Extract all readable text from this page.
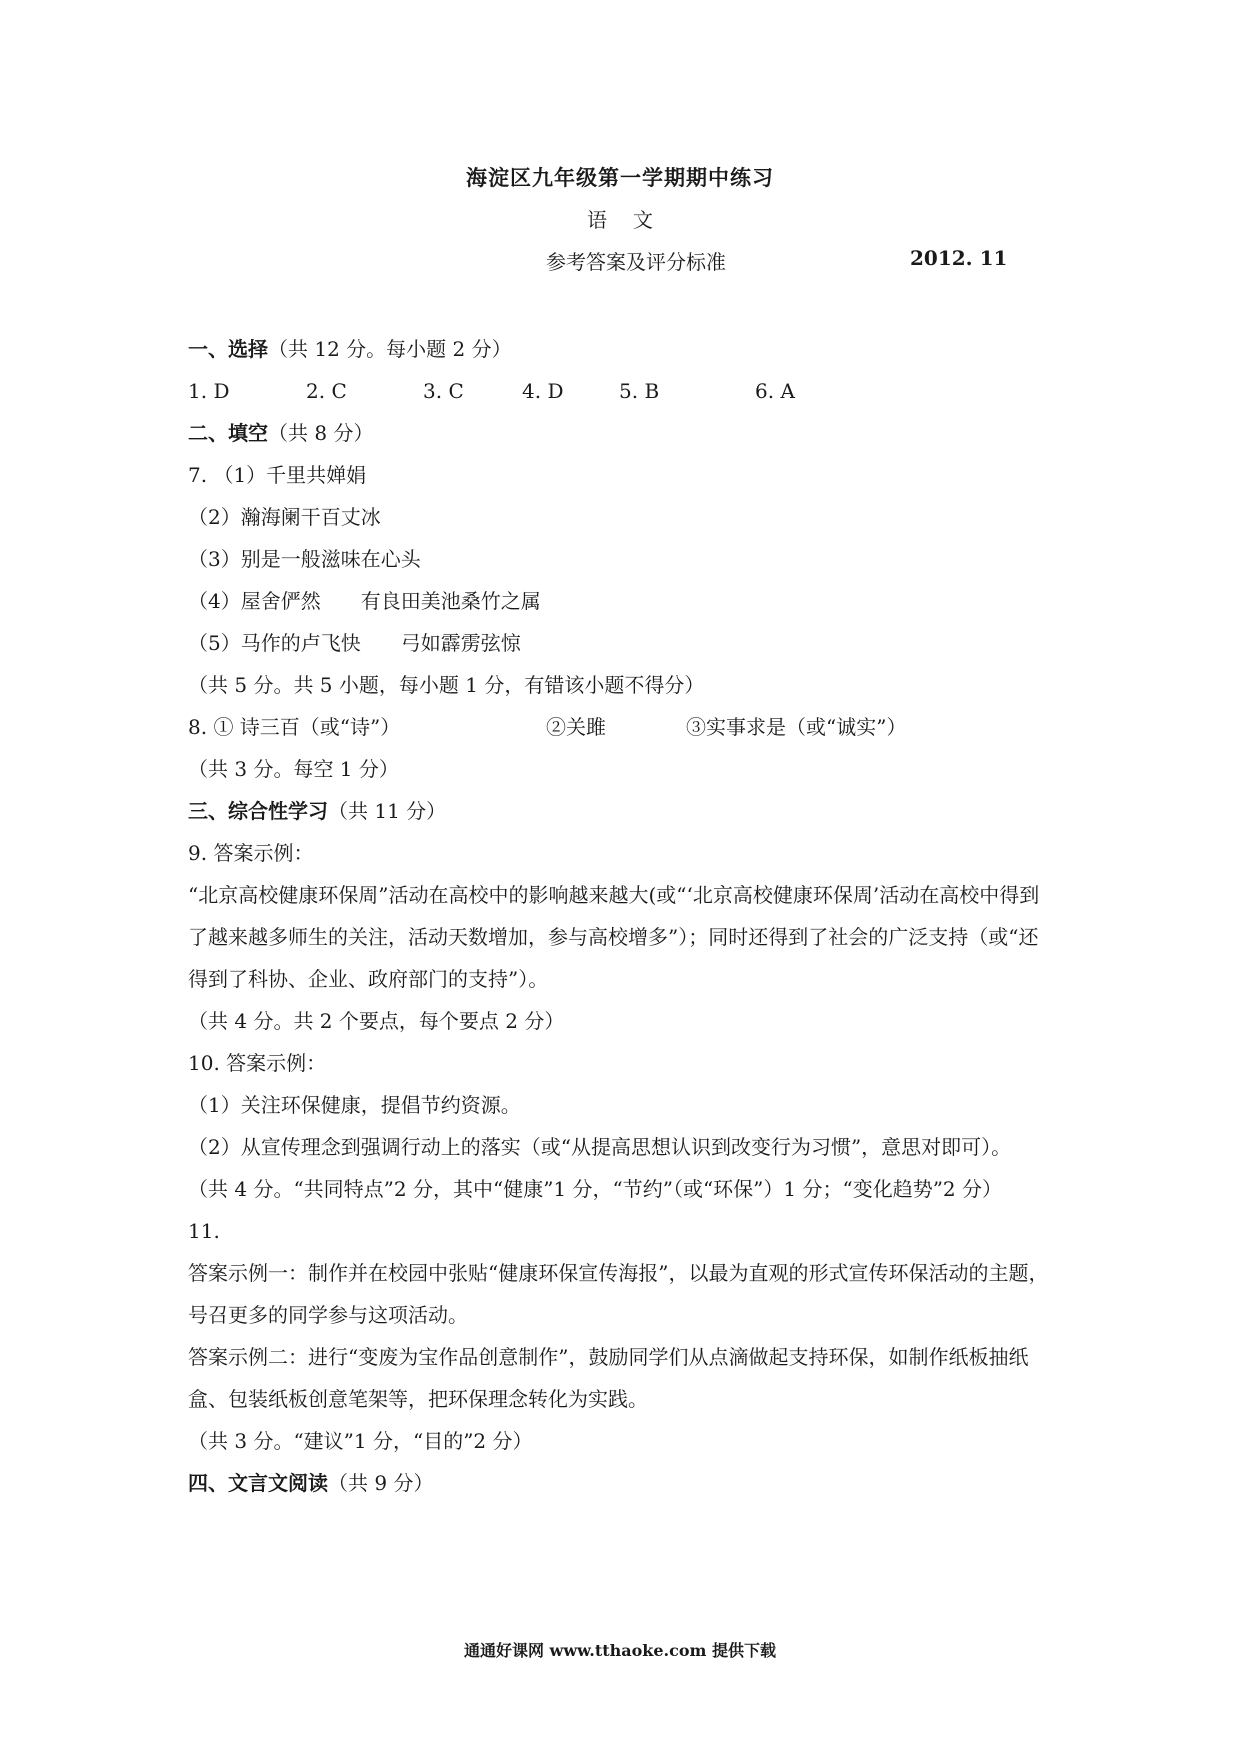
海淀区九年级第一学期期中练习
语文
参考答案及评分标准	2012. 11
一、选择（共 12 分。每小题 2 分）
1. D	2. C	3. C	4. D	5. B	6. A
二、填空（共 8 分）
7. （1）千里共婵娟
（2）瀚海阑干百丈冰
（3）别是一般滋味在心头
（4）屋舍俨然 有良田美池桑竹之属
（5）马作的卢飞快 弓如霹雳弦惊
（共 5 分。共 5 小题，每小题 1 分，有错该小题不得分）
8. ① 诗三百（或“诗”）	②关雎	③实事求是（或“诚实”）
（共 3 分。每空 1 分）
三、综合性学习（共 11 分）
9. 答案示例：
“北京高校健康环保周”活动在高校中的影响越来越大(或“‘北京高校健康环保周’活动在高校中得到了越来越多师生的关注，活动天数增加，参与高校增多”）；同时还得到了社会的广泛支持（或“还得到了科协、企业、政府部门的支持”）。
（共 4 分。共 2 个要点，每个要点 2 分）
10. 答案示例：
（1）关注环保健康，提倡节约资源。
（2）从宣传理念到强调行动上的落实（或“从提高思想认识到改变行为习惯”，意思对即可）。
（共 4 分。“共同特点”2 分，其中“健康”1 分，“节约”（或“环保”）1 分；“变化趋势”2 分）
11.
答案示例一：制作并在校园中张贴“健康环保宣传海报”，以最为直观的形式宣传环保活动的主题，号召更多的同学参与这项活动。
答案示例二：进行“变废为宝作品创意制作”，鼓励同学们从点滴做起支持环保，如制作纸板抽纸盒、包装纸板创意笔架等，把环保理念转化为实践。
（共 3 分。“建议”1 分，“目的”2 分）
四、文言文阅读（共 9 分）
通通好课网 www.tthaoke.com 提供下载
